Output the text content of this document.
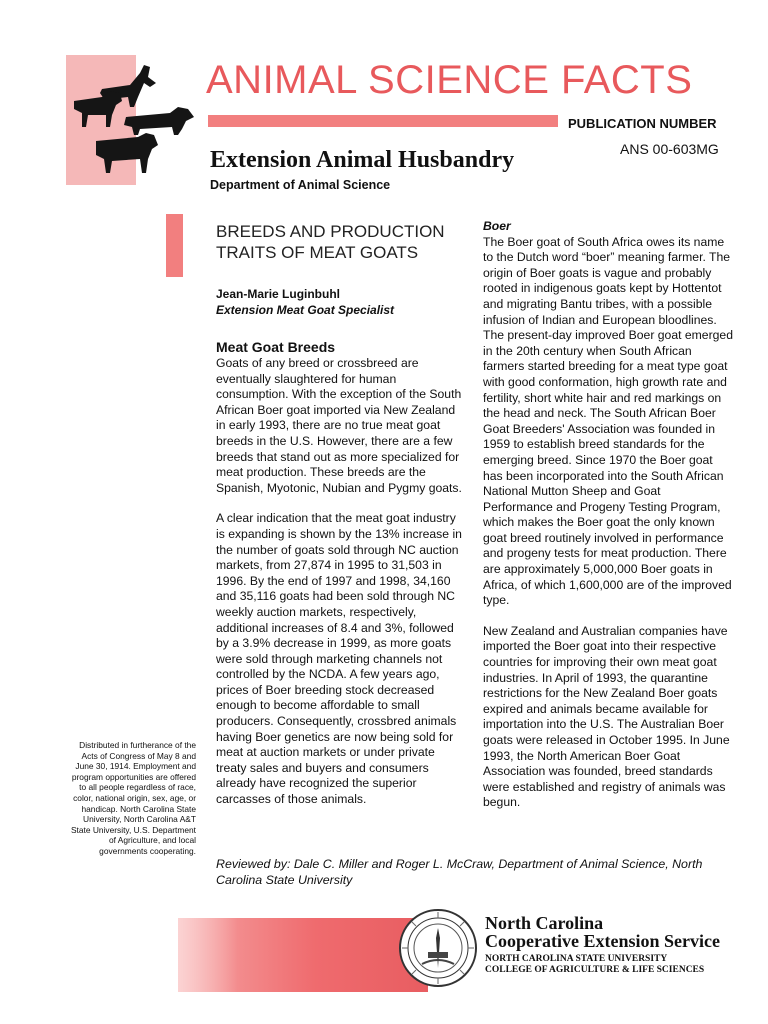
ANIMAL SCIENCE FACTS
PUBLICATION NUMBER
ANS 00-603MG
Extension Animal Husbandry
Department of Animal Science
BREEDS AND PRODUCTION
TRAITS OF MEAT GOATS
Jean-Marie Luginbuhl
Extension Meat Goat Specialist
Meat Goat Breeds

Goats of any breed or crossbreed are eventually slaughtered for human consumption. With the exception of the South African Boer goat imported via New Zealand in early 1993, there are no true meat goat breeds in the U.S. However, there are a few breeds that stand out as more specialized for meat production. These breeds are the Spanish, Myotonic, Nubian and Pygmy goats.

A clear indication that the meat goat industry is expanding is shown by the 13% increase in the number of goats sold through NC auction markets, from 27,874 in 1995 to 31,503 in 1996. By the end of 1997 and 1998, 34,160 and 35,116 goats had been sold through NC weekly auction markets, respectively, additional increases of 8.4 and 3%, followed by a 3.9% decrease in 1999, as more goats were sold through marketing channels not controlled by the NCDA. A few years ago, prices of Boer breeding stock decreased enough to become affordable to small producers. Consequently, crossbred animals having Boer genetics are now being sold for meat at auction markets or under private treaty sales and buyers and consumers already have recognized the superior carcasses of those animals.

Boer

The Boer goat of South Africa owes its name to the Dutch word “boer” meaning farmer. The origin of Boer goats is vague and probably rooted in indigenous goats kept by Hottentot and migrating Bantu tribes, with a possible infusion of Indian and European bloodlines. The present-day improved Boer goat emerged in the 20th century when South African farmers started breeding for a meat type goat with good conformation, high growth rate and fertility, short white hair and red markings on the head and neck. The South African Boer Goat Breeders' Association was founded in 1959 to establish breed standards for the emerging breed. Since 1970 the Boer goat has been incorporated into the South African National Mutton Sheep and Goat Performance and Progeny Testing Program, which makes the Boer goat the only known goat breed routinely involved in performance and progeny tests for meat production. There are approximately 5,000,000 Boer goats in Africa, of which 1,600,000 are of the improved type.

New Zealand and Australian companies have imported the Boer goat into their respective countries for improving their own meat goat industries. In April of 1993, the quarantine restrictions for the New Zealand Boer goats expired and animals became available for importation into the U.S. The Australian Boer goats were released in October 1995. In June 1993, the North American Boer Goat Association was founded, breed standards were established and registry of animals was begun.

Distributed in furtherance of the Acts of Congress of May 8 and June 30, 1914. Employment and program opportunities are offered to all people regardless of race, color, national origin, sex, age, or handicap. North Carolina State University, North Carolina A&T State University, U.S. Department of Agriculture, and local governments cooperating.
Reviewed by: Dale C. Miller and Roger L. McCraw, Department of Animal Science, North Carolina State University
North Carolina
Cooperative Extension Service
NORTH CAROLINA STATE UNIVERSITY
COLLEGE OF AGRICULTURE & LIFE SCIENCES
